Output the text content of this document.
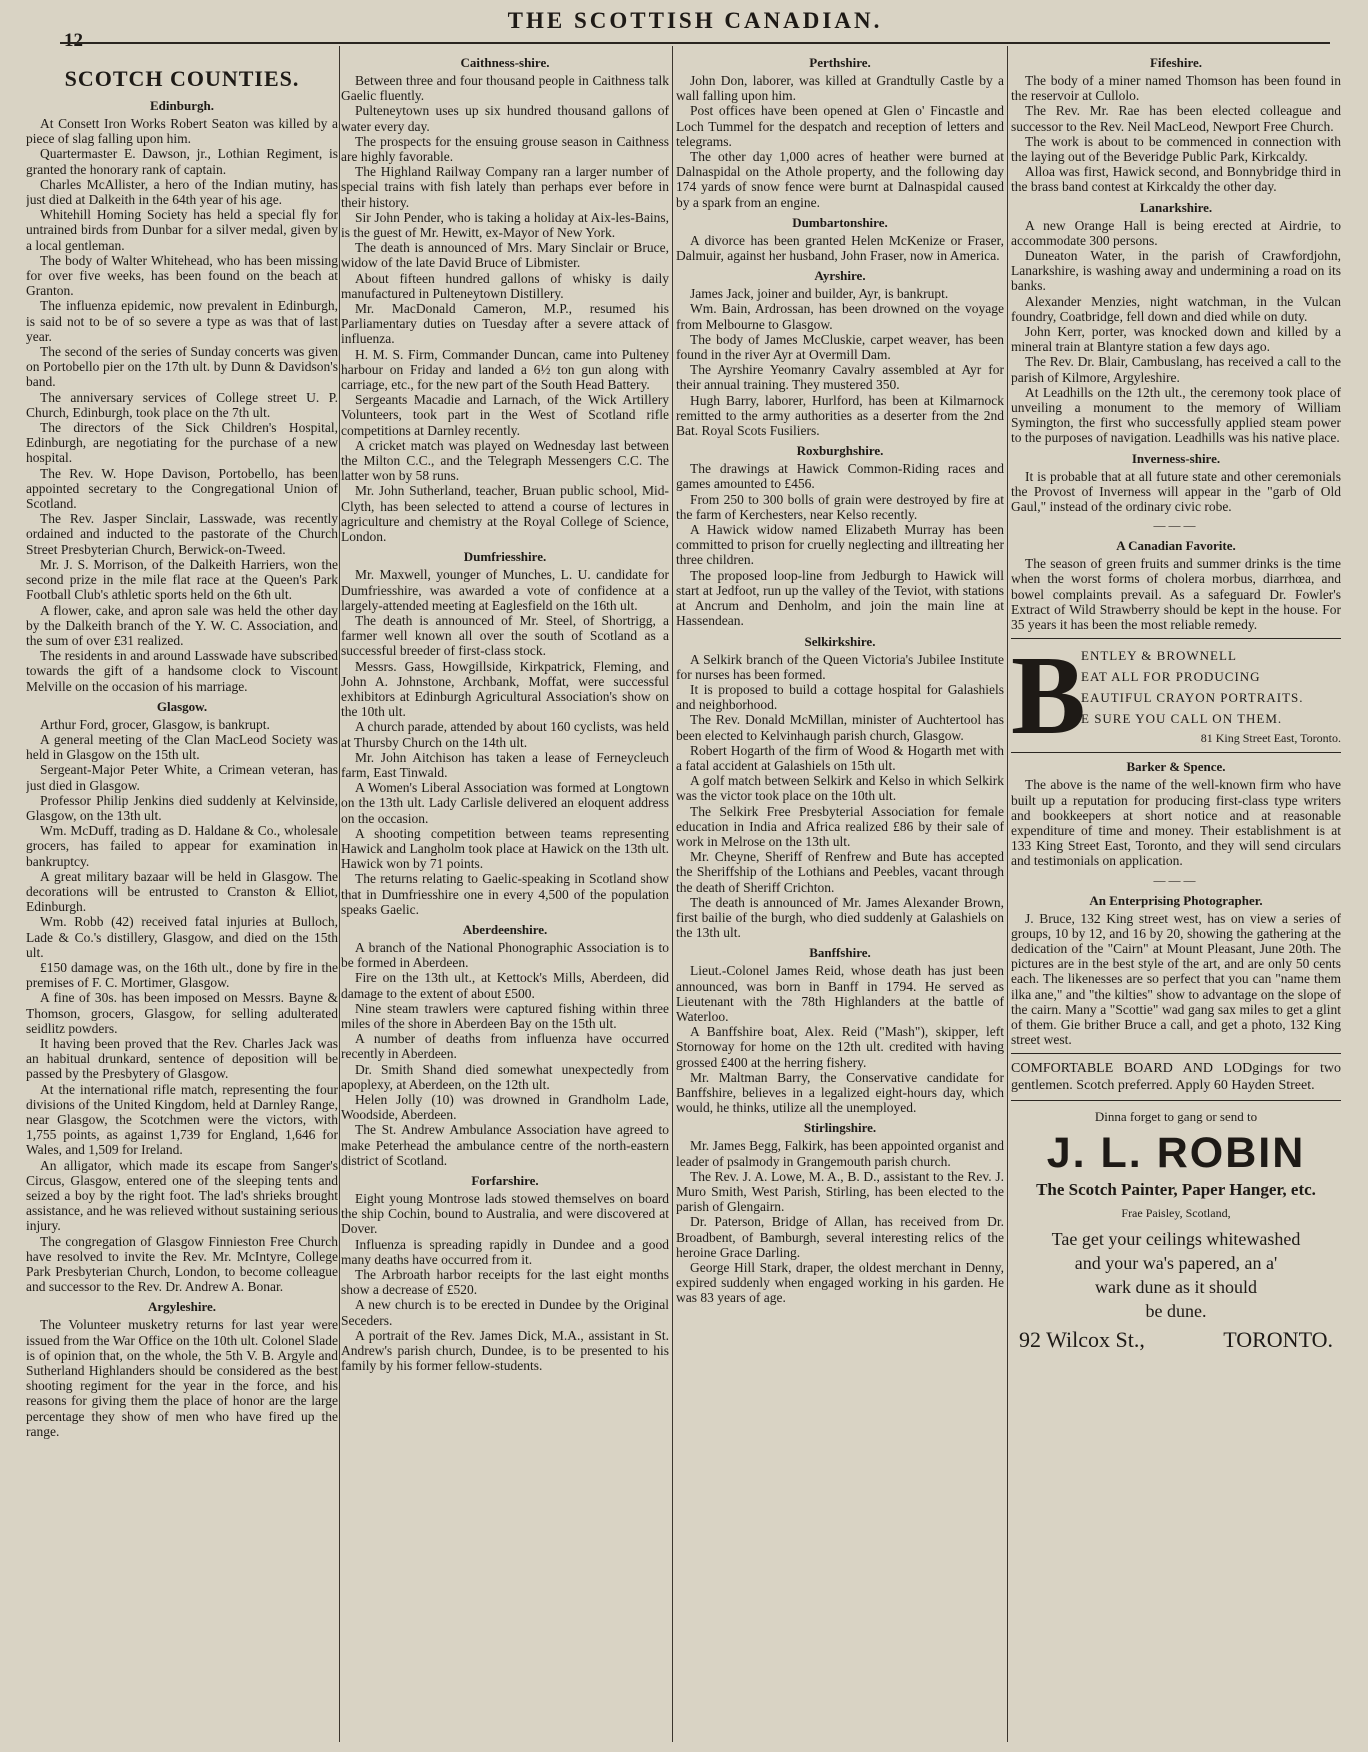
12
THE SCOTTISH CANADIAN.
SCOTCH COUNTIES.
Edinburgh.

At Consett Iron Works Robert Seaton was killed by a piece of slag falling upon him.

Quartermaster E. Dawson, jr., Lothian Regiment, is granted the honorary rank of captain.

Charles McAllister, a hero of the Indian mutiny, has just died at Dalkeith in the 64th year of his age.

Whitehill Homing Society has held a special fly for untrained birds from Dunbar for a silver medal, given by a local gentleman.

The body of Walter Whitehead, who has been missing for over five weeks, has been found on the beach at Granton.

The influenza epidemic, now prevalent in Edinburgh, is said not to be of so severe a type as was that of last year.

The second of the series of Sunday concerts was given on Portobello pier on the 17th ult. by Dunn & Davidson's band.

The anniversary services of College street U. P. Church, Edinburgh, took place on the 7th ult.

The directors of the Sick Children's Hospital, Edinburgh, are negotiating for the purchase of a new hospital.

The Rev. W. Hope Davison, Portobello, has been appointed secretary to the Congregational Union of Scotland.

The Rev. Jasper Sinclair, Lasswade, was recently ordained and inducted to the pastorate of the Church Street Presbyterian Church, Berwick-on-Tweed.

Mr. J. S. Morrison, of the Dalkeith Harriers, won the second prize in the mile flat race at the Queen's Park Football Club's athletic sports held on the 6th ult.

A flower, cake, and apron sale was held the other day by the Dalkeith branch of the Y. W. C. Association, and the sum of over £31 realized.

The residents in and around Lasswade have subscribed towards the gift of a handsome clock to Viscount Melville on the occasion of his marriage.

Glasgow.

Arthur Ford, grocer, Glasgow, is bankrupt.

A general meeting of the Clan MacLeod Society was held in Glasgow on the 15th ult.

Sergeant-Major Peter White, a Crimean veteran, has just died in Glasgow.

Professor Philip Jenkins died suddenly at Kelvinside, Glasgow, on the 13th ult.

Wm. McDuff, trading as D. Haldane & Co., wholesale grocers, has failed to appear for examination in bankruptcy.

A great military bazaar will be held in Glasgow. The decorations will be entrusted to Cranston & Elliot, Edinburgh.

Wm. Robb (42) received fatal injuries at Bulloch, Lade & Co.'s distillery, Glasgow, and died on the 15th ult.

£150 damage was, on the 16th ult., done by fire in the premises of F. C. Mortimer, Glasgow.

A fine of 30s. has been imposed on Messrs. Bayne & Thomson, grocers, Glasgow, for selling adulterated seidlitz powders.

It having been proved that the Rev. Charles Jack was an habitual drunkard, sentence of deposition will be passed by the Presbytery of Glasgow.

At the international rifle match, representing the four divisions of the United Kingdom, held at Darnley Range, near Glasgow, the Scotchmen were the victors, with 1,755 points, as against 1,739 for England, 1,646 for Wales, and 1,509 for Ireland.

An alligator, which made its escape from Sanger's Circus, Glasgow, entered one of the sleeping tents and seized a boy by the right foot. The lad's shrieks brought assistance, and he was relieved without sustaining serious injury.

The congregation of Glasgow Finnieston Free Church have resolved to invite the Rev. Mr. McIntyre, College Park Presbyterian Church, London, to become colleague and successor to the Rev. Dr. Andrew A. Bonar.

Argyleshire.

The Volunteer musketry returns for last year were issued from the War Office on the 10th ult. Colonel Slade is of opinion that, on the whole, the 5th V. B. Argyle and Sutherland Highlanders should be considered as the best shooting regiment for the year in the force, and his reasons for giving them the place of honor are the large percentage they show of men who have fired up the range.

Caithness-shire.

Between three and four thousand people in Caithness talk Gaelic fluently.

Pulteneytown uses up six hundred thousand gallons of water every day.

The prospects for the ensuing grouse season in Caithness are highly favorable.

The Highland Railway Company ran a larger number of special trains with fish lately than perhaps ever before in their history.

Sir John Pender, who is taking a holiday at Aix-les-Bains, is the guest of Mr. Hewitt, ex-Mayor of New York.

The death is announced of Mrs. Mary Sinclair or Bruce, widow of the late David Bruce of Libmister.

About fifteen hundred gallons of whisky is daily manufactured in Pulteneytown Distillery.

Mr. MacDonald Cameron, M.P., resumed his Parliamentary duties on Tuesday after a severe attack of influenza.

H. M. S. Firm, Commander Duncan, came into Pulteney harbour on Friday and landed a 6½ ton gun along with carriage, etc., for the new part of the South Head Battery.

Sergeants Macadie and Larnach, of the Wick Artillery Volunteers, took part in the West of Scotland rifle competitions at Darnley recently.

A cricket match was played on Wednesday last between the Milton C.C., and the Telegraph Messengers C.C. The latter won by 58 runs.

Mr. John Sutherland, teacher, Bruan public school, Mid-Clyth, has been selected to attend a course of lectures in agriculture and chemistry at the Royal College of Science, London.

Dumfriesshire.

Mr. Maxwell, younger of Munches, L. U. candidate for Dumfriesshire, was awarded a vote of confidence at a largely-attended meeting at Eaglesfield on the 16th ult.

The death is announced of Mr. Steel, of Shortrigg, a farmer well known all over the south of Scotland as a successful breeder of first-class stock.

Messrs. Gass, Howgillside, Kirkpatrick, Fleming, and John A. Johnstone, Archbank, Moffat, were successful exhibitors at Edinburgh Agricultural Association's show on the 10th ult.

A church parade, attended by about 160 cyclists, was held at Thursby Church on the 14th ult.

Mr. John Aitchison has taken a lease of Ferneycleuch farm, East Tinwald.

A Women's Liberal Association was formed at Longtown on the 13th ult. Lady Carlisle delivered an eloquent address on the occasion.

A shooting competition between teams representing Hawick and Langholm took place at Hawick on the 13th ult. Hawick won by 71 points.

The returns relating to Gaelic-speaking in Scotland show that in Dumfriesshire one in every 4,500 of the population speaks Gaelic.

Aberdeenshire.

A branch of the National Phonographic Association is to be formed in Aberdeen.

Fire on the 13th ult., at Kettock's Mills, Aberdeen, did damage to the extent of about £500.

Nine steam trawlers were captured fishing within three miles of the shore in Aberdeen Bay on the 15th ult.

A number of deaths from influenza have occurred recently in Aberdeen.

Dr. Smith Shand died somewhat unexpectedly from apoplexy, at Aberdeen, on the 12th ult.

Helen Jolly (10) was drowned in Grandholm Lade, Woodside, Aberdeen.

The St. Andrew Ambulance Association have agreed to make Peterhead the ambulance centre of the north-eastern district of Scotland.

Forfarshire.

Eight young Montrose lads stowed themselves on board the ship Cochin, bound to Australia, and were discovered at Dover.

Influenza is spreading rapidly in Dundee and a good many deaths have occurred from it.

The Arbroath harbor receipts for the last eight months show a decrease of £520.

A new church is to be erected in Dundee by the Original Seceders.

A portrait of the Rev. James Dick, M.A., assistant in St. Andrew's parish church, Dundee, is to be presented to his family by his former fellow-students.

Perthshire.

John Don, laborer, was killed at Grandtully Castle by a wall falling upon him.

Post offices have been opened at Glen o' Fincastle and Loch Tummel for the despatch and reception of letters and telegrams.

The other day 1,000 acres of heather were burned at Dalnaspidal on the Athole property, and the following day 174 yards of snow fence were burnt at Dalnaspidal caused by a spark from an engine.

Dumbartonshire.

A divorce has been granted Helen McKenize or Fraser, Dalmuir, against her husband, John Fraser, now in America.

Ayrshire.

James Jack, joiner and builder, Ayr, is bankrupt.

Wm. Bain, Ardrossan, has been drowned on the voyage from Melbourne to Glasgow.

The body of James McCluskie, carpet weaver, has been found in the river Ayr at Overmill Dam.

The Ayrshire Yeomanry Cavalry assembled at Ayr for their annual training. They mustered 350.

Hugh Barry, laborer, Hurlford, has been at Kilmarnock remitted to the army authorities as a deserter from the 2nd Bat. Royal Scots Fusiliers.

Roxburghshire.

The drawings at Hawick Common-Riding races and games amounted to £456.

From 250 to 300 bolls of grain were destroyed by fire at the farm of Kerchesters, near Kelso recently.

A Hawick widow named Elizabeth Murray has been committed to prison for cruelly neglecting and illtreating her three children.

The proposed loop-line from Jedburgh to Hawick will start at Jedfoot, run up the valley of the Teviot, with stations at Ancrum and Denholm, and join the main line at Hassendean.

Selkirkshire.

A Selkirk branch of the Queen Victoria's Jubilee Institute for nurses has been formed.

It is proposed to build a cottage hospital for Galashiels and neighborhood.

The Rev. Donald McMillan, minister of Auchtertool has been elected to Kelvinhaugh parish church, Glasgow.

Robert Hogarth of the firm of Wood & Hogarth met with a fatal accident at Galashiels on 15th ult.

A golf match between Selkirk and Kelso in which Selkirk was the victor took place on the 10th ult.

The Selkirk Free Presbyterial Association for female education in India and Africa realized £86 by their sale of work in Melrose on the 13th ult.

Mr. Cheyne, Sheriff of Renfrew and Bute has accepted the Sheriffship of the Lothians and Peebles, vacant through the death of Sheriff Crichton.

The death is announced of Mr. James Alexander Brown, first bailie of the burgh, who died suddenly at Galashiels on the 13th ult.

Banffshire.

Lieut.-Colonel James Reid, whose death has just been announced, was born in Banff in 1794. He served as Lieutenant with the 78th Highlanders at the battle of Waterloo.

A Banffshire boat, Alex. Reid ("Mash"), skipper, left Stornoway for home on the 12th ult. credited with having grossed £400 at the herring fishery.

Mr. Maltman Barry, the Conservative candidate for Banffshire, believes in a legalized eight-hours day, which would, he thinks, utilize all the unemployed.

Stirlingshire.

Mr. James Begg, Falkirk, has been appointed organist and leader of psalmody in Grangemouth parish church.

The Rev. J. A. Lowe, M. A., B. D., assistant to the Rev. J. Muro Smith, West Parish, Stirling, has been elected to the parish of Glengairn.

Dr. Paterson, Bridge of Allan, has received from Dr. Broadbent, of Bamburgh, several interesting relics of the heroine Grace Darling.

George Hill Stark, draper, the oldest merchant in Denny, expired suddenly when engaged working in his garden. He was 83 years of age.

Fifeshire.

The body of a miner named Thomson has been found in the reservoir at Cullolo.

The Rev. Mr. Rae has been elected colleague and successor to the Rev. Neil MacLeod, Newport Free Church.

The work is about to be commenced in connection with the laying out of the Beveridge Public Park, Kirkcaldy.

Alloa was first, Hawick second, and Bonnybridge third in the brass band contest at Kirkcaldy the other day.

Lanarkshire.

A new Orange Hall is being erected at Airdrie, to accommodate 300 persons.

Duneaton Water, in the parish of Crawfordjohn, Lanarkshire, is washing away and undermining a road on its banks.

Alexander Menzies, night watchman, in the Vulcan foundry, Coatbridge, fell down and died while on duty.

John Kerr, porter, was knocked down and killed by a mineral train at Blantyre station a few days ago.

The Rev. Dr. Blair, Cambuslang, has received a call to the parish of Kilmore, Argyleshire.

At Leadhills on the 12th ult., the ceremony took place of unveiling a monument to the memory of William Symington, the first who successfully applied steam power to the purposes of navigation. Leadhills was his native place.

Inverness-shire.

It is probable that at all future state and other ceremonials the Provost of Inverness will appear in the "garb of Old Gaul," instead of the ordinary civic robe.

———
A Canadian Favorite.

The season of green fruits and summer drinks is the time when the worst forms of cholera morbus, diarrhœa, and bowel complaints prevail. As a safeguard Dr. Fowler's Extract of Wild Strawberry should be kept in the house. For 35 years it has been the most reliable remedy.

B
ENTLEY & BROWNELL
EAT ALL FOR PRODUCING
EAUTIFUL CRAYON PORTRAITS.
E SURE YOU CALL ON THEM.
81 King Street East, Toronto.
Barker & Spence.

The above is the name of the well-known firm who have built up a reputation for producing first-class type writers and bookkeepers at short notice and at reasonable expenditure of time and money. Their establishment is at 133 King Street East, Toronto, and they will send circulars and testimonials on application.

———
An Enterprising Photographer.

J. Bruce, 132 King street west, has on view a series of groups, 10 by 12, and 16 by 20, showing the gathering at the dedication of the "Cairn" at Mount Pleasant, June 20th. The pictures are in the best style of the art, and are only 50 cents each. The likenesses are so perfect that you can "name them ilka ane," and "the kilties" show to advantage on the slope of the cairn. Many a "Scottie" wad gang sax miles to get a glint of them. Gie brither Bruce a call, and get a photo, 132 King street west.

COMFORTABLE BOARD AND LODgings for two gentlemen. Scotch preferred. Apply 60 Hayden Street.

Dinna forget to gang or send to
J. L. ROBIN
The Scotch Painter, Paper Hanger, etc.
Frae Paisley, Scotland,
Tae get your ceilings whitewashed
and your wa's papered, an a'
wark dune as it should
be dune.
92 Wilcox St.,	TORONTO.
